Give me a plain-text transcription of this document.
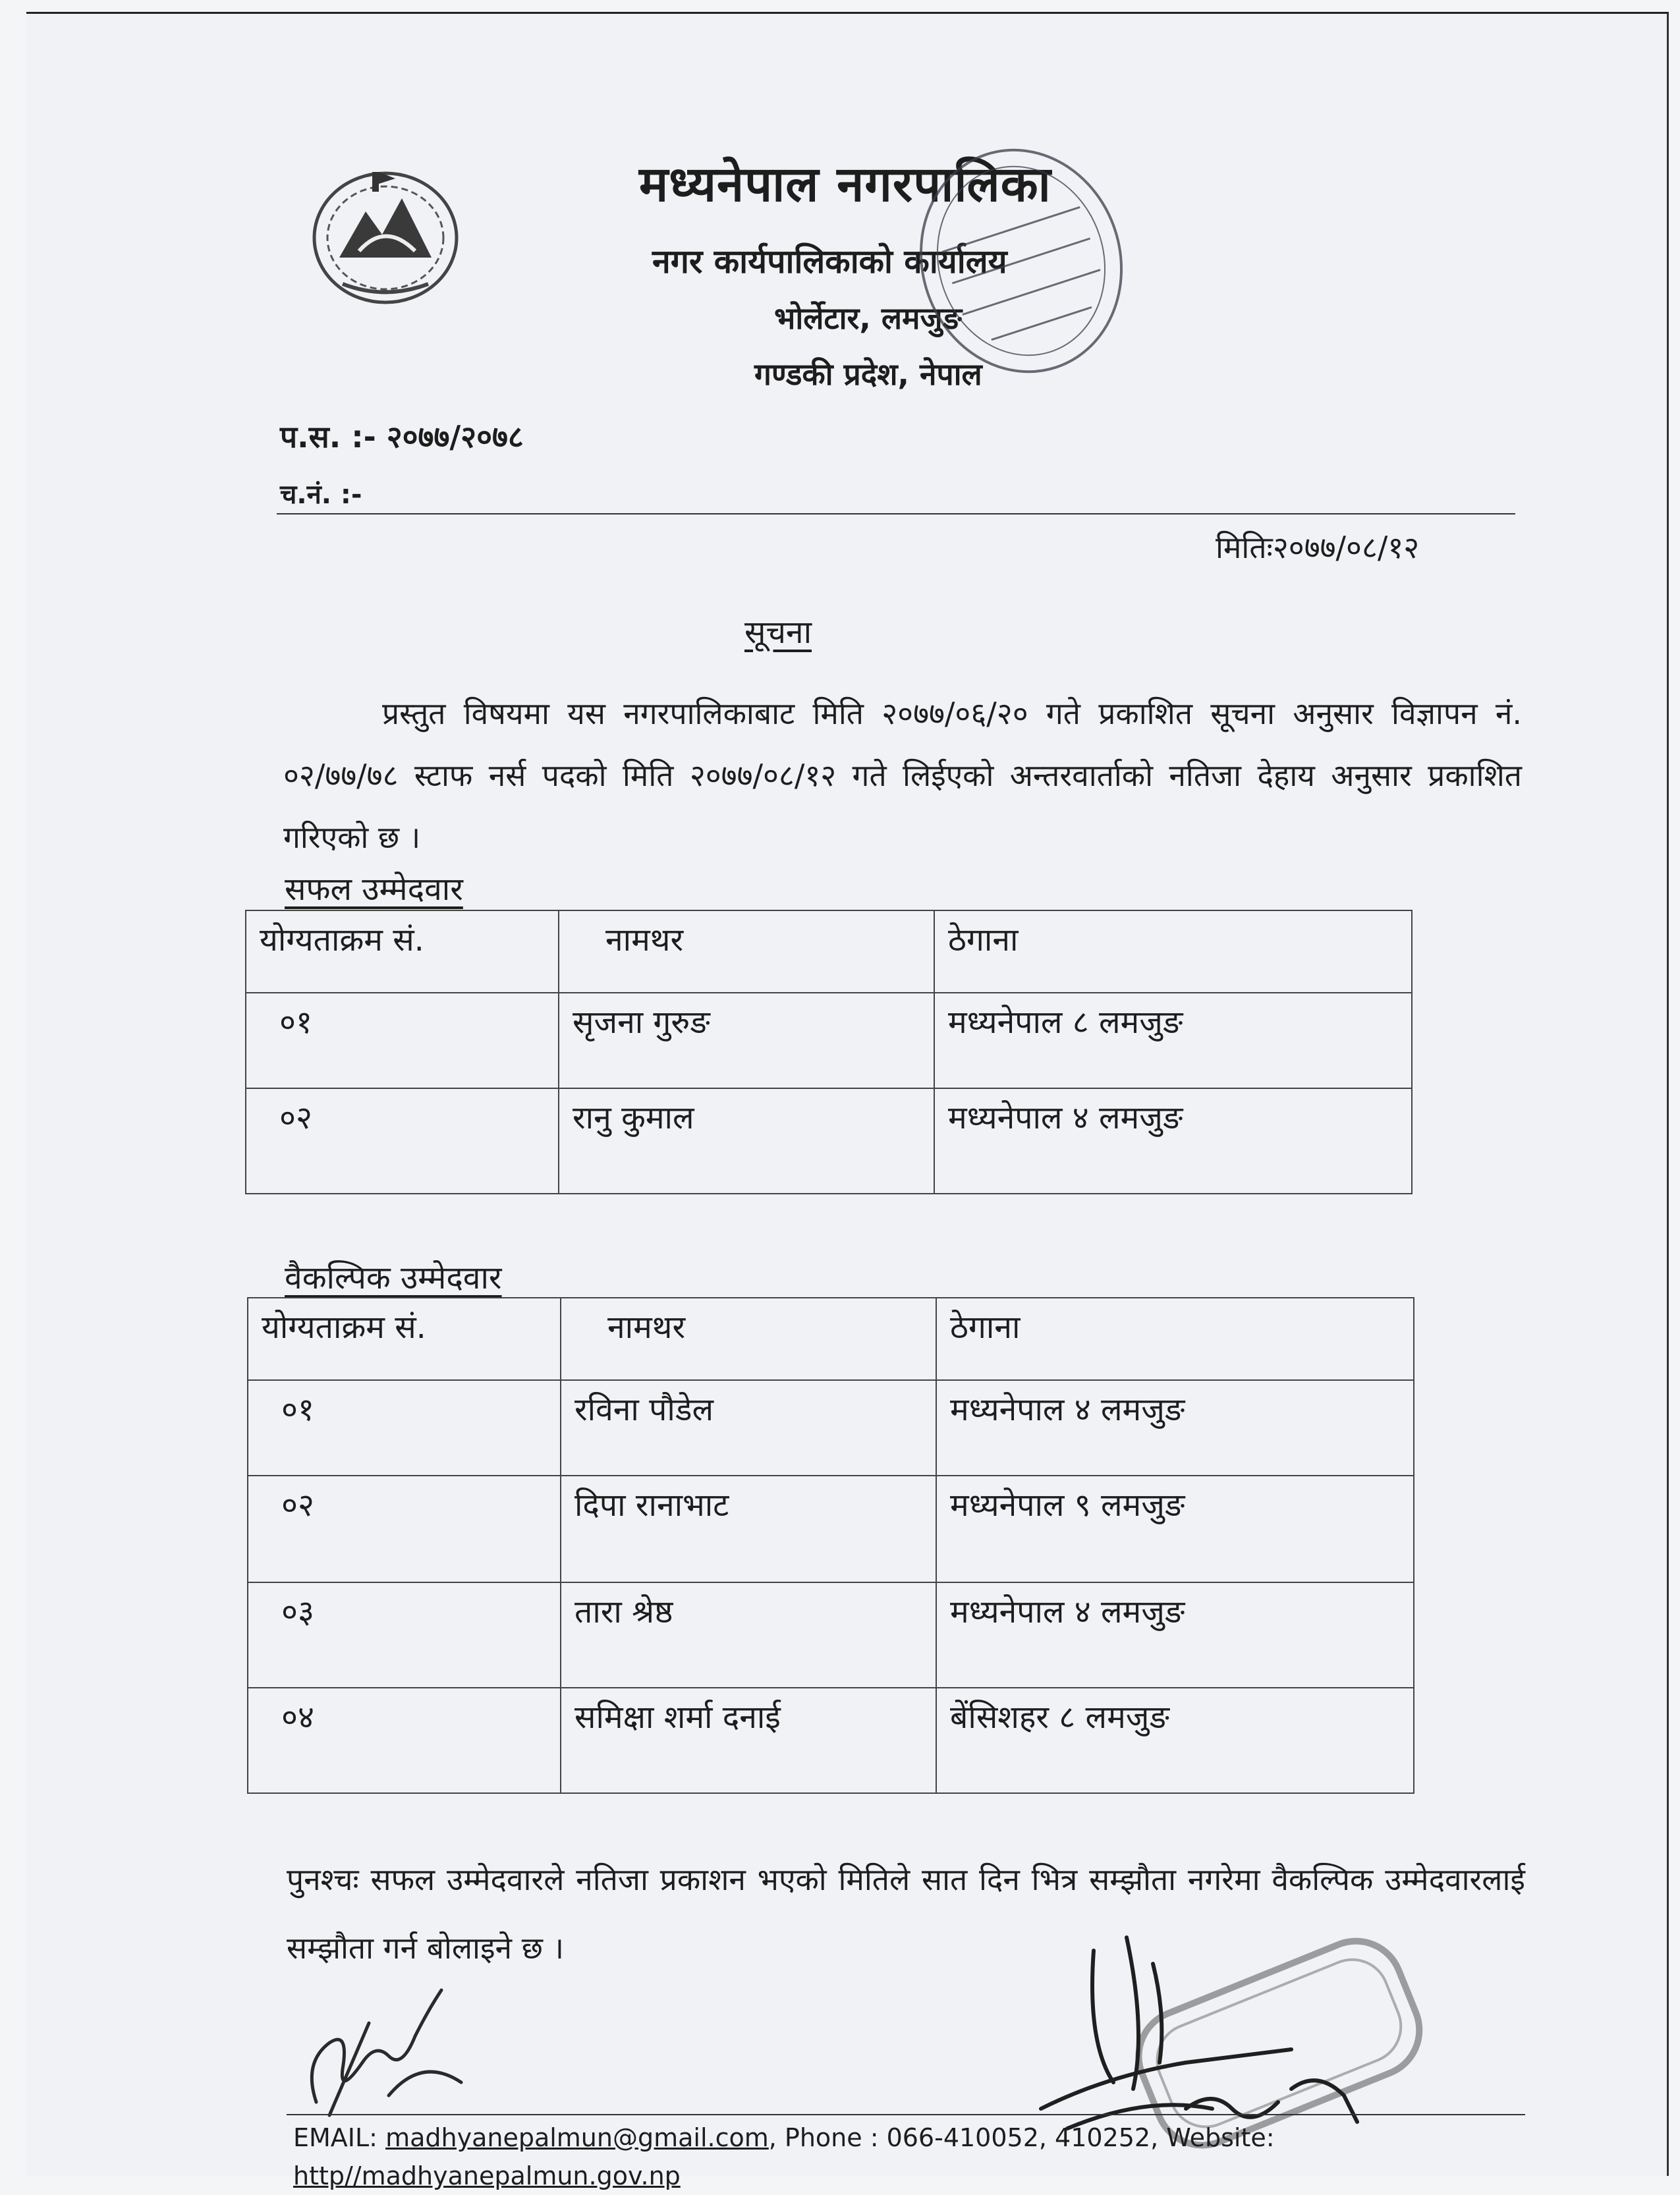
मध्यनेपाल नगरपालिका
नगर कार्यपालिकाको कार्यालय
भोर्लेटार, लमजुङ
गण्डकी प्रदेश, नेपाल
प.स. :- २०७७/२०७८
च.नं. :-
मितिः२०७७/०८/१२
सूचना
प्रस्तुत विषयमा यस नगरपालिकाबाट मिति २०७७/०६/२० गते प्रकाशित सूचना अनुसार विज्ञापन नं. ०२/७७/७८ स्टाफ नर्स पदको मिति २०७७/०८/१२ गते लिईएको अन्तरवार्ताको नतिजा देहाय अनुसार प्रकाशित गरिएको छ ।
सफल उम्मेदवार
योग्यताक्रम सं.	नामथर	ठेगाना
०१	सृजना गुरुङ	मध्यनेपाल ८ लमजुङ
०२	रानु कुमाल	मध्यनेपाल ४ लमजुङ
वैकल्पिक उम्मेदवार
योग्यताक्रम सं.	नामथर	ठेगाना
०१	रविना पौडेल	मध्यनेपाल ४ लमजुङ
०२	दिपा रानाभाट	मध्यनेपाल ९ लमजुङ
०३	तारा श्रेष्ठ	मध्यनेपाल ४ लमजुङ
०४	समिक्षा शर्मा दनाई	बेंसिशहर ८ लमजुङ
पुनश्चः सफल उम्मेदवारले नतिजा प्रकाशन भएको मितिले सात दिन भित्र सम्झौता नगरेमा वैकल्पिक उम्मेदवारलाई सम्झौता गर्न बोलाइने छ ।
EMAIL: madhyanepalmun@gmail.com, Phone : 066-410052, 410252, Website:
http//madhyanepalmun.gov.np
